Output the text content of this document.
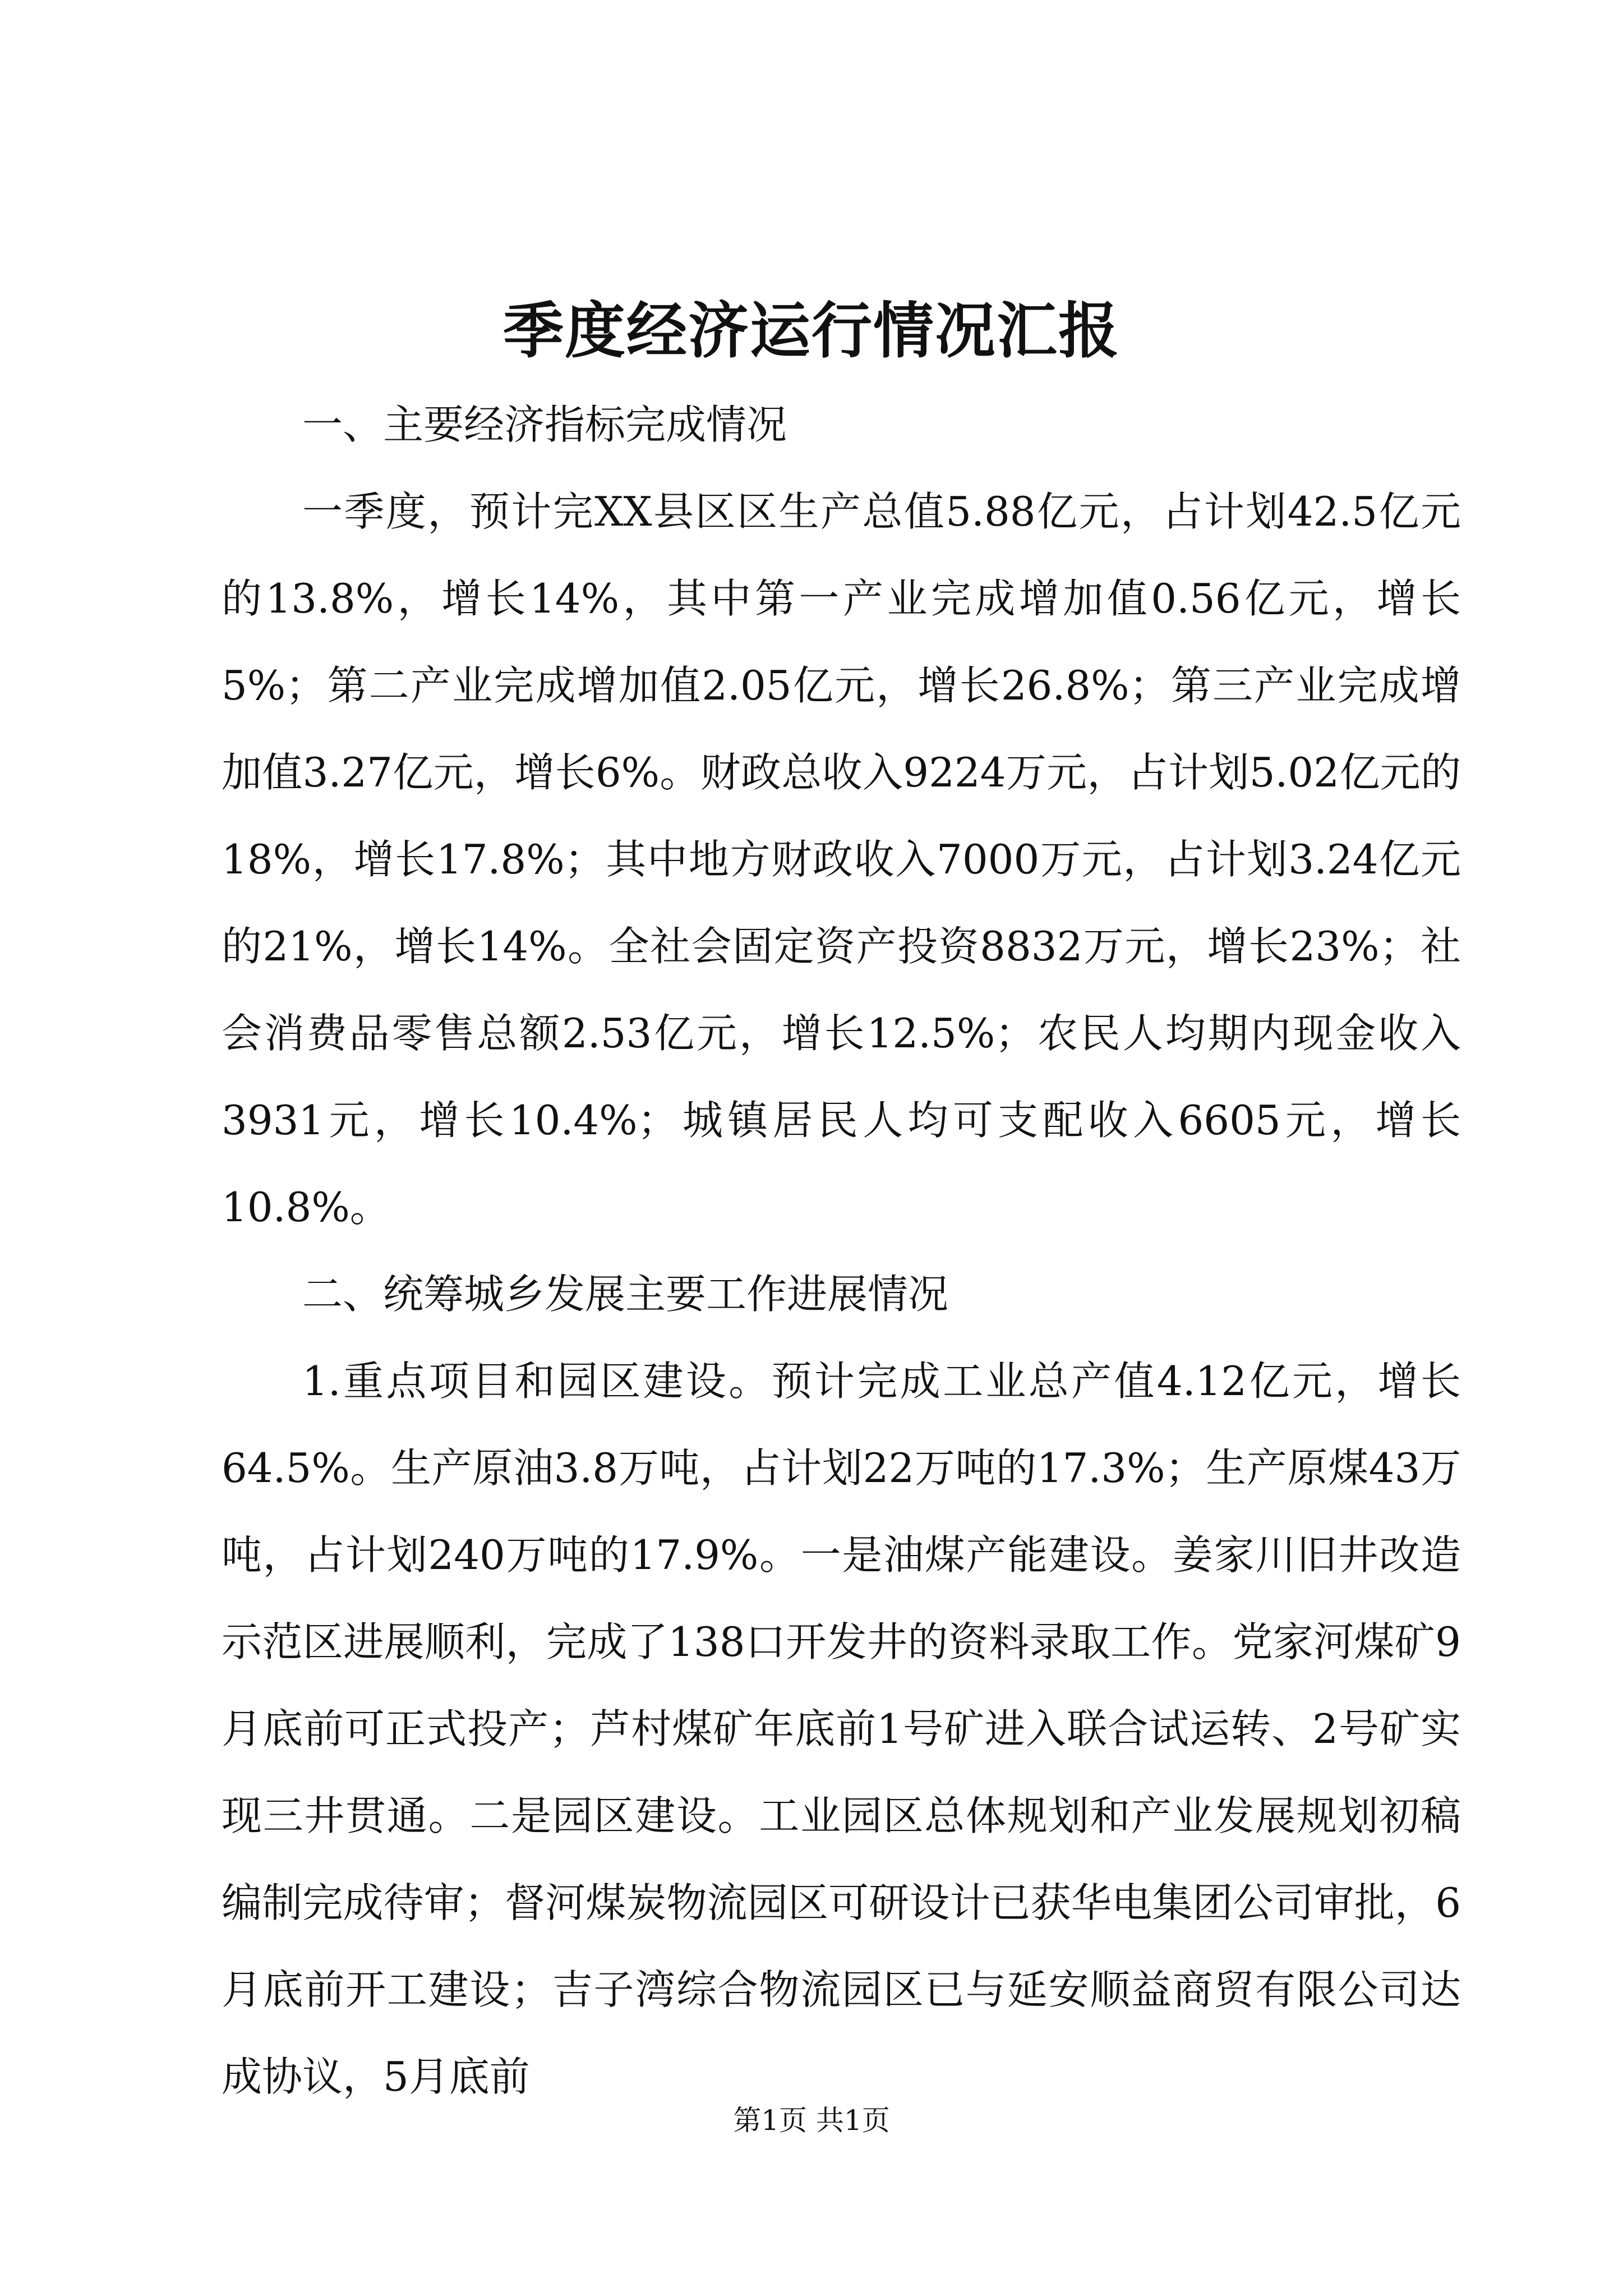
季度经济运行情况汇报

一、主要经济指标完成情况

一季度，预计完XX县区区生产总值5.88亿元，占计划42.5亿元的13.8%，增长14%，其中第一产业完成增加值0.56亿元，增长5%；第二产业完成增加值2.05亿元，增长26.8%；第三产业完成增加值3.27亿元，增长6%。财政总收入9224万元，占计划5.02亿元的18%，增长17.8%；其中地方财政收入7000万元，占计划3.24亿元的21%，增长14%。全社会固定资产投资8832万元，增长23%；社会消费品零售总额2.53亿元，增长12.5%；农民人均期内现金收入3931元，增长10.4%；城镇居民人均可支配收入6605元，增长10.8%。

二、统筹城乡发展主要工作进展情况

1.重点项目和园区建设。预计完成工业总产值4.12亿元，增长64.5%。生产原油3.8万吨，占计划22万吨的17.3%；生产原煤43万吨，占计划240万吨的17.9%。一是油煤产能建设。姜家川旧井改造示范区进展顺利，完成了138口开发井的资料录取工作。党家河煤矿9月底前可正式投产；芦村煤矿年底前1号矿进入联合试运转、2号矿实现三井贯通。二是园区建设。工业园区总体规划和产业发展规划初稿编制完成待审；督河煤炭物流园区可研设计已获华电集团公司审批，6月底前开工建设；吉子湾综合物流园区已与延安顺益商贸有限公司达成协议，5月底前

第1页 共1页
